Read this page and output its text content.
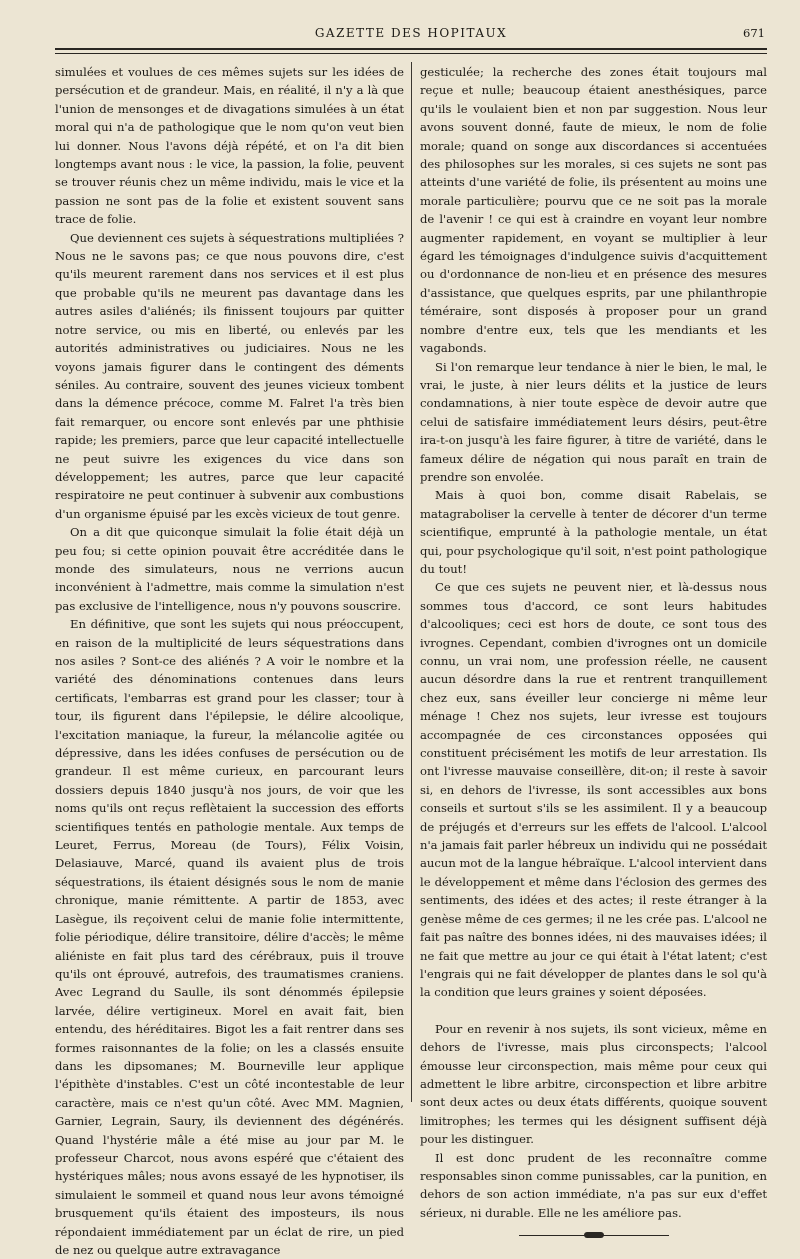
GAZETTE DES HOPITAUX	671

simulées et voulues de ces mêmes sujets sur les idées de persécution et de grandeur. Mais, en réalité, il n'y a là que l'union de mensonges et de divagations simulées à un état moral qui n'a de pathologique que le nom qu'on veut bien lui donner. Nous l'avons déjà répété, et on l'a dit bien longtemps avant nous : le vice, la passion, la folie, peuvent se trouver réunis chez un même individu, mais le vice et la passion ne sont pas de la folie et existent souvent sans trace de folie.

Que deviennent ces sujets à séquestrations multipliées ? Nous ne le savons pas; ce que nous pouvons dire, c'est qu'ils meurent rarement dans nos services et il est plus que probable qu'ils ne meurent pas davantage dans les autres asiles d'aliénés; ils finissent toujours par quitter notre service, ou mis en liberté, ou enlevés par les autorités administratives ou judiciaires. Nous ne les voyons jamais figurer dans le contingent des déments séniles. Au contraire, souvent des jeunes vicieux tombent dans la démence précoce, comme M. Falret l'a très bien fait remarquer, ou encore sont enlevés par une phthisie rapide; les premiers, parce que leur capacité intellectuelle ne peut suivre les exigences du vice dans son développement; les autres, parce que leur capacité respiratoire ne peut continuer à subvenir aux combustions d'un organisme épuisé par les excès vicieux de tout genre.

On a dit que quiconque simulait la folie était déjà un peu fou; si cette opinion pouvait être accréditée dans le monde des simulateurs, nous ne verrions aucun inconvénient à l'admettre, mais comme la simulation n'est pas exclusive de l'intelligence, nous n'y pouvons souscrire.

En définitive, que sont les sujets qui nous préoccupent, en raison de la multiplicité de leurs séquestrations dans nos asiles ? Sont-ce des aliénés ? A voir le nombre et la variété des dénominations contenues dans leurs certificats, l'embarras est grand pour les classer; tour à tour, ils figurent dans l'épilepsie, le délire alcoolique, l'excitation maniaque, la fureur, la mélancolie agitée ou dépressive, dans les idées confuses de persécution ou de grandeur. Il est même curieux, en parcourant leurs dossiers depuis 1840 jusqu'à nos jours, de voir que les noms qu'ils ont reçus reflètaient la succession des efforts scientifiques tentés en pathologie mentale. Aux temps de Leuret, Ferrus, Moreau (de Tours), Félix Voisin, Delasiauve, Marcé, quand ils avaient plus de trois séquestrations, ils étaient désignés sous le nom de manie chronique, manie rémittente. A partir de 1853, avec Lasègue, ils reçoivent celui de manie folie intermittente, folie périodique, délire transitoire, délire d'accès; le même aliéniste en fait plus tard des cérébraux, puis il trouve qu'ils ont éprouvé, autrefois, des traumatismes craniens. Avec Legrand du Saulle, ils sont dénommés épilepsie larvée, délire vertigineux. Morel en avait fait, bien entendu, des héréditaires. Bigot les a fait rentrer dans ses formes raisonnantes de la folie; on les a classés ensuite dans les dipsomanes; M. Bourneville leur applique l'épithète d'instables. C'est un côté incontestable de leur caractère, mais ce n'est qu'un côté. Avec MM. Magnien, Garnier, Legrain, Saury, ils deviennent des dégénérés. Quand l'hystérie mâle a été mise au jour par M. le professeur Charcot, nous avons espéré que c'étaient des hystériques mâles; nous avons essayé de les hypnotiser, ils simulaient le sommeil et quand nous leur avons témoigné brusquement qu'ils étaient des imposteurs, ils nous répondaient immédiatement par un éclat de rire, un pied de nez ou quelque autre extravagance

gesticulée; la recherche des zones était toujours mal reçue et nulle; beaucoup étaient anesthésiques, parce qu'ils le voulaient bien et non par suggestion. Nous leur avons souvent donné, faute de mieux, le nom de folie morale; quand on songe aux discordances si accentuées des philosophes sur les morales, si ces sujets ne sont pas atteints d'une variété de folie, ils présentent au moins une morale particulière; pourvu que ce ne soit pas la morale de l'avenir ! ce qui est à craindre en voyant leur nombre augmenter rapidement, en voyant se multiplier à leur égard les témoignages d'indulgence suivis d'acquittement ou d'ordonnance de non-lieu et en présence des mesures d'assistance, que quelques esprits, par une philanthropie téméraire, sont disposés à proposer pour un grand nombre d'entre eux, tels que les mendiants et les vagabonds.

Si l'on remarque leur tendance à nier le bien, le mal, le vrai, le juste, à nier leurs délits et la justice de leurs condamnations, à nier toute espèce de devoir autre que celui de satisfaire immédiatement leurs désirs, peut-être ira-t-on jusqu'à les faire figurer, à titre de variété, dans le fameux délire de négation qui nous paraît en train de prendre son envolée.

Mais à quoi bon, comme disait Rabelais, se matagraboliser la cervelle à tenter de décorer d'un terme scientifique, emprunté à la pathologie mentale, un état qui, pour psychologique qu'il soit, n'est point pathologique du tout!

Ce que ces sujets ne peuvent nier, et là-dessus nous sommes tous d'accord, ce sont leurs habitudes d'alcooliques; ceci est hors de doute, ce sont tous des ivrognes. Cependant, combien d'ivrognes ont un domicile connu, un vrai nom, une profession réelle, ne causent aucun désordre dans la rue et rentrent tranquillement chez eux, sans éveiller leur concierge ni même leur ménage ! Chez nos sujets, leur ivresse est toujours accompagnée de ces circonstances opposées qui constituent précisément les motifs de leur arrestation. Ils ont l'ivresse mauvaise conseillère, dit-on; il reste à savoir si, en dehors de l'ivresse, ils sont accessibles aux bons conseils et surtout s'ils se les assimilent. Il y a beaucoup de préjugés et d'erreurs sur les effets de l'alcool. L'alcool n'a jamais fait parler hébreux un individu qui ne possédait aucun mot de la langue hébraïque. L'alcool intervient dans le développement et même dans l'éclosion des germes des sentiments, des idées et des actes; il reste étranger à la genèse même de ces germes; il ne les crée pas. L'alcool ne fait pas naître des bonnes idées, ni des mauvaises idées; il ne fait que mettre au jour ce qui était à l'état latent; c'est l'engrais qui ne fait développer de plantes dans le sol qu'à la condition que leurs graines y soient déposées.

Pour en revenir à nos sujets, ils sont vicieux, même en dehors de l'ivresse, mais plus circonspects; l'alcool émousse leur circonspection, mais même pour ceux qui admettent le libre arbitre, circonspection et libre arbitre sont deux actes ou deux états différents, quoique souvent limitrophes; les termes qui les désignent suffisent déjà pour les distinguer.

Il est donc prudent de les reconnaître comme responsables sinon comme punissables, car la punition, en dehors de son action immédiate, n'a pas sur eux d'effet sérieux, ni durable. Elle ne les améliore pas.
